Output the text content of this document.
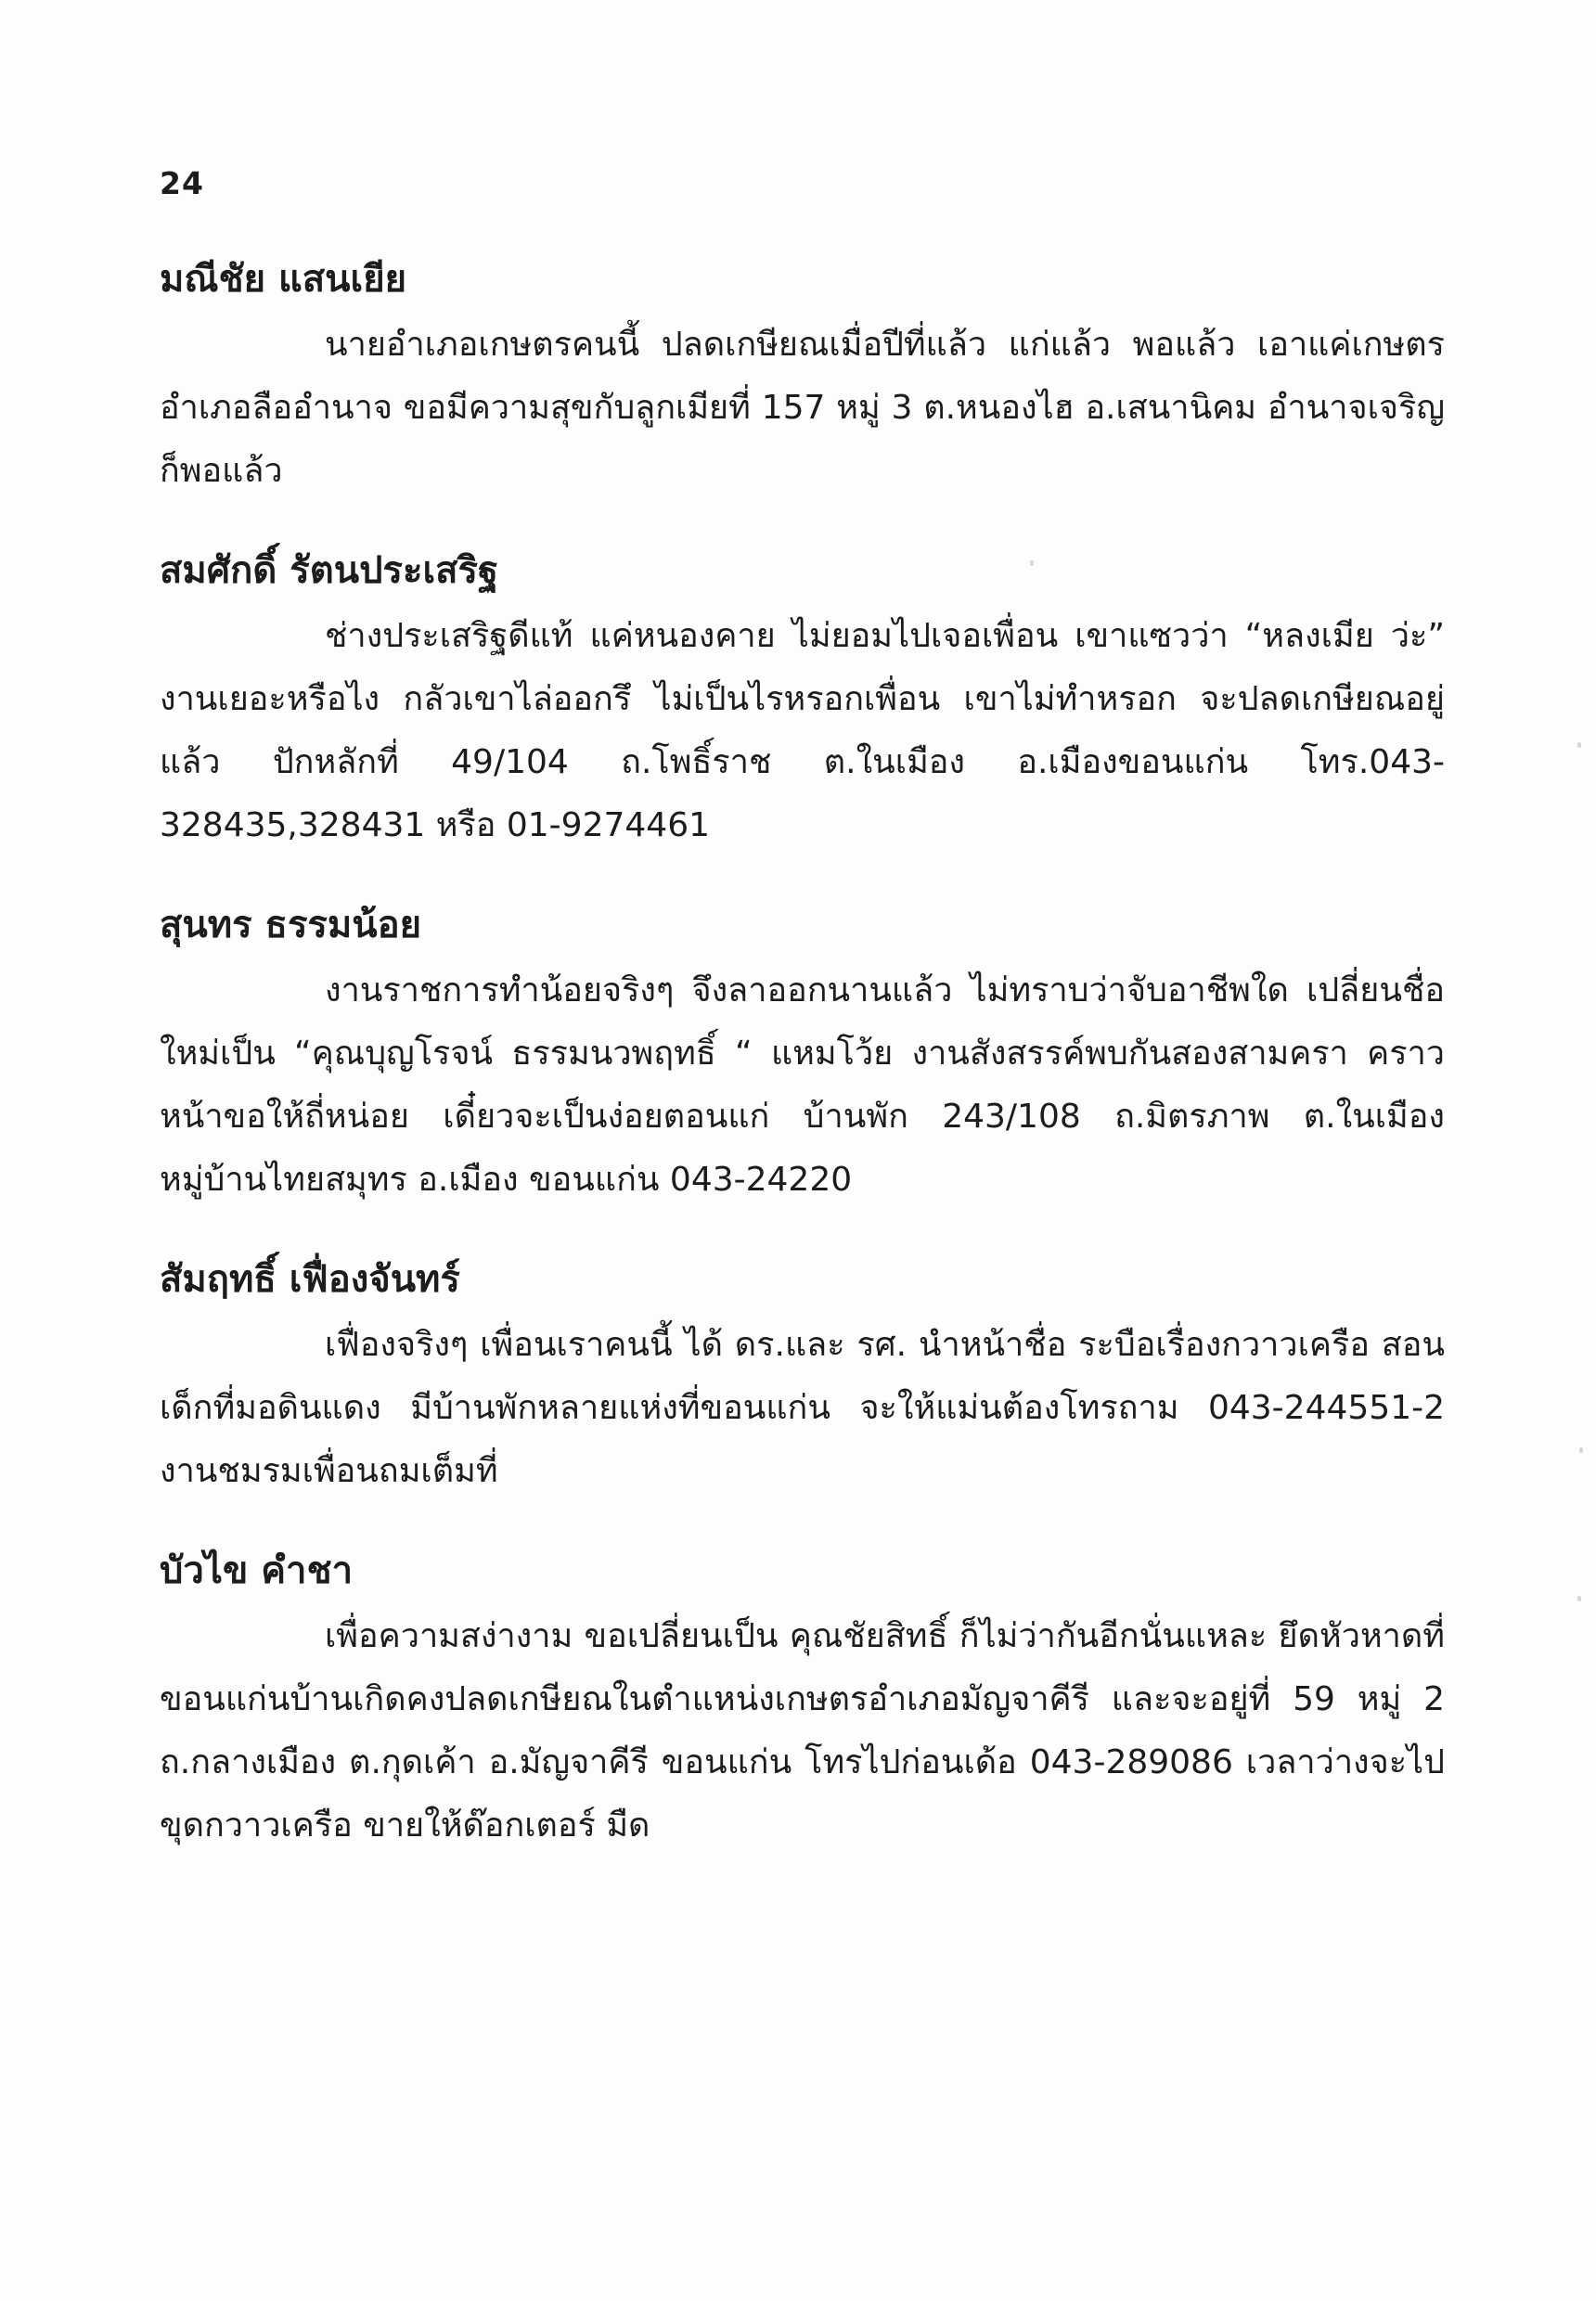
24
มณีชัย แสนเยีย

นายอำเภอเกษตรคนนี้ ปลดเกษียณเมื่อปีที่แล้ว แก่แล้ว พอแล้ว เอาแค่เกษตรอำเภอลืออำนาจ ขอมีความสุขกับลูกเมียที่ 157 หมู่ 3 ต.หนองไฮ อ.เสนานิคม อำนาจเจริญ ก็พอแล้ว

สมศักดิ์ รัตนประเสริฐ

ช่างประเสริฐดีแท้ แค่หนองคาย ไม่ยอมไปเจอเพื่อน เขาแซวว่า “หลงเมีย ว่ะ” งานเยอะหรือไง กลัวเขาไล่ออกรึ ไม่เป็นไรหรอกเพื่อน เขาไม่ทำหรอก จะปลดเกษียณอยู่แล้ว ปักหลักที่ 49/104 ถ.โพธิ์ราช ต.ในเมือง อ.เมืองขอนแก่น โทร.043-328435,328431 หรือ 01-9274461

สุนทร ธรรมน้อย

งานราชการทำน้อยจริงๆ จึงลาออกนานแล้ว ไม่ทราบว่าจับอาชีพใด เปลี่ยนชื่อใหม่เป็น “คุณบุญโรจน์ ธรรมนวพฤทธิ์ “ แหมโว้ย งานสังสรรค์พบกันสองสามครา คราวหน้าขอให้ถี่หน่อย เดี๋ยวจะเป็นง่อยตอนแก่ บ้านพัก 243/108 ถ.มิตรภาพ ต.ในเมือง หมู่บ้านไทยสมุทร อ.เมือง ขอนแก่น 043-24220

สัมฤทธิ์ เฟื่องจันทร์

เฟื่องจริงๆ เพื่อนเราคนนี้ ได้ ดร.และ รศ. นำหน้าชื่อ ระบือเรื่องกวาวเครือ สอนเด็กที่มอดินแดง มีบ้านพักหลายแห่งที่ขอนแก่น จะให้แม่นต้องโทรถาม 043-244551-2 งานชมรมเพื่อนถมเต็มที่

บัวไข คำชา

เพื่อความสง่างาม ขอเปลี่ยนเป็น คุณชัยสิทธิ์ ก็ไม่ว่ากันอีกนั่นแหละ ยึดหัวหาดที่ขอนแก่นบ้านเกิดคงปลดเกษียณในตำแหน่งเกษตรอำเภอมัญจาคีรี และจะอยู่ที่ 59 หมู่ 2 ถ.กลางเมือง ต.กุดเค้า อ.มัญจาคีรี ขอนแก่น โทรไปก่อนเด้อ 043-289086 เวลาว่างจะไปขุดกวาวเครือ ขายให้ด๊อกเตอร์ มืด
